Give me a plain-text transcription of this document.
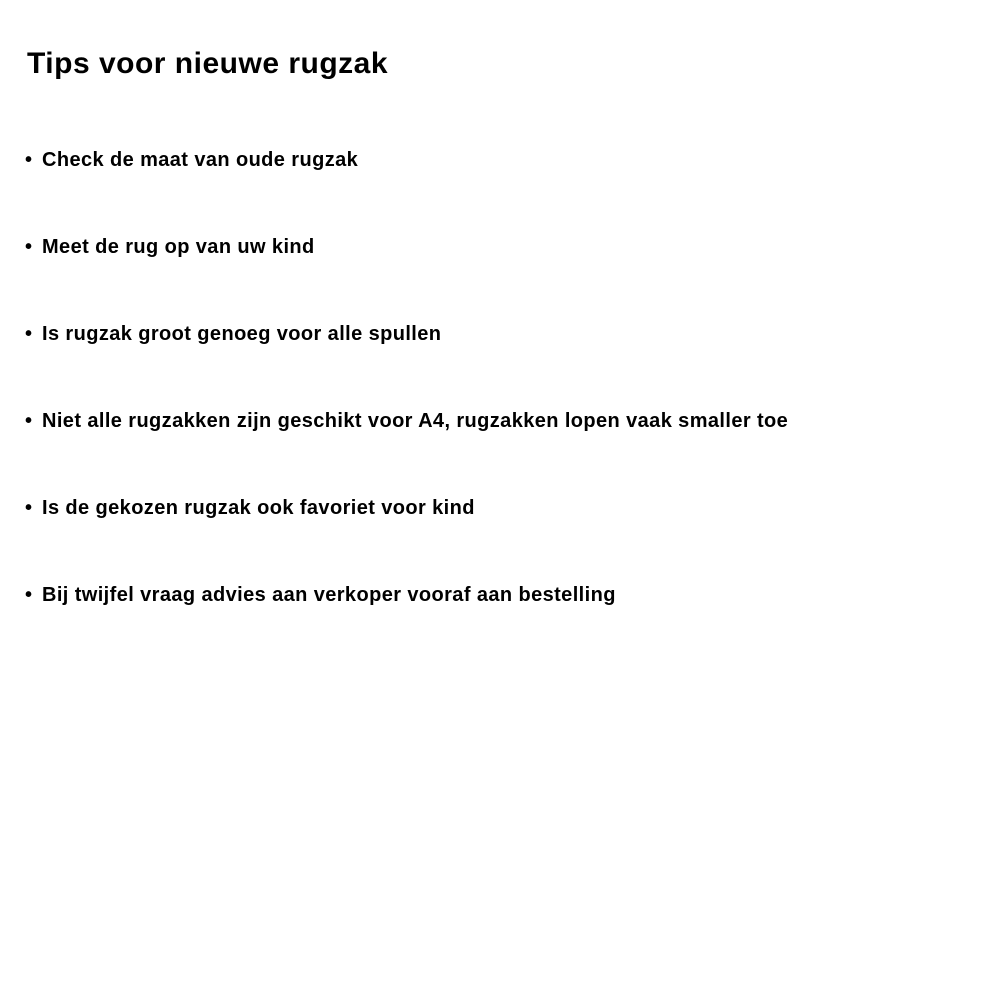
Tips voor nieuwe rugzak
• Check de maat van oude rugzak
• Meet de rug op van uw kind
• Is rugzak groot genoeg voor alle spullen
• Niet alle rugzakken zijn geschikt voor A4, rugzakken lopen vaak smaller toe
• Is de gekozen rugzak ook favoriet voor kind
• Bij twijfel vraag advies aan verkoper vooraf aan bestelling
